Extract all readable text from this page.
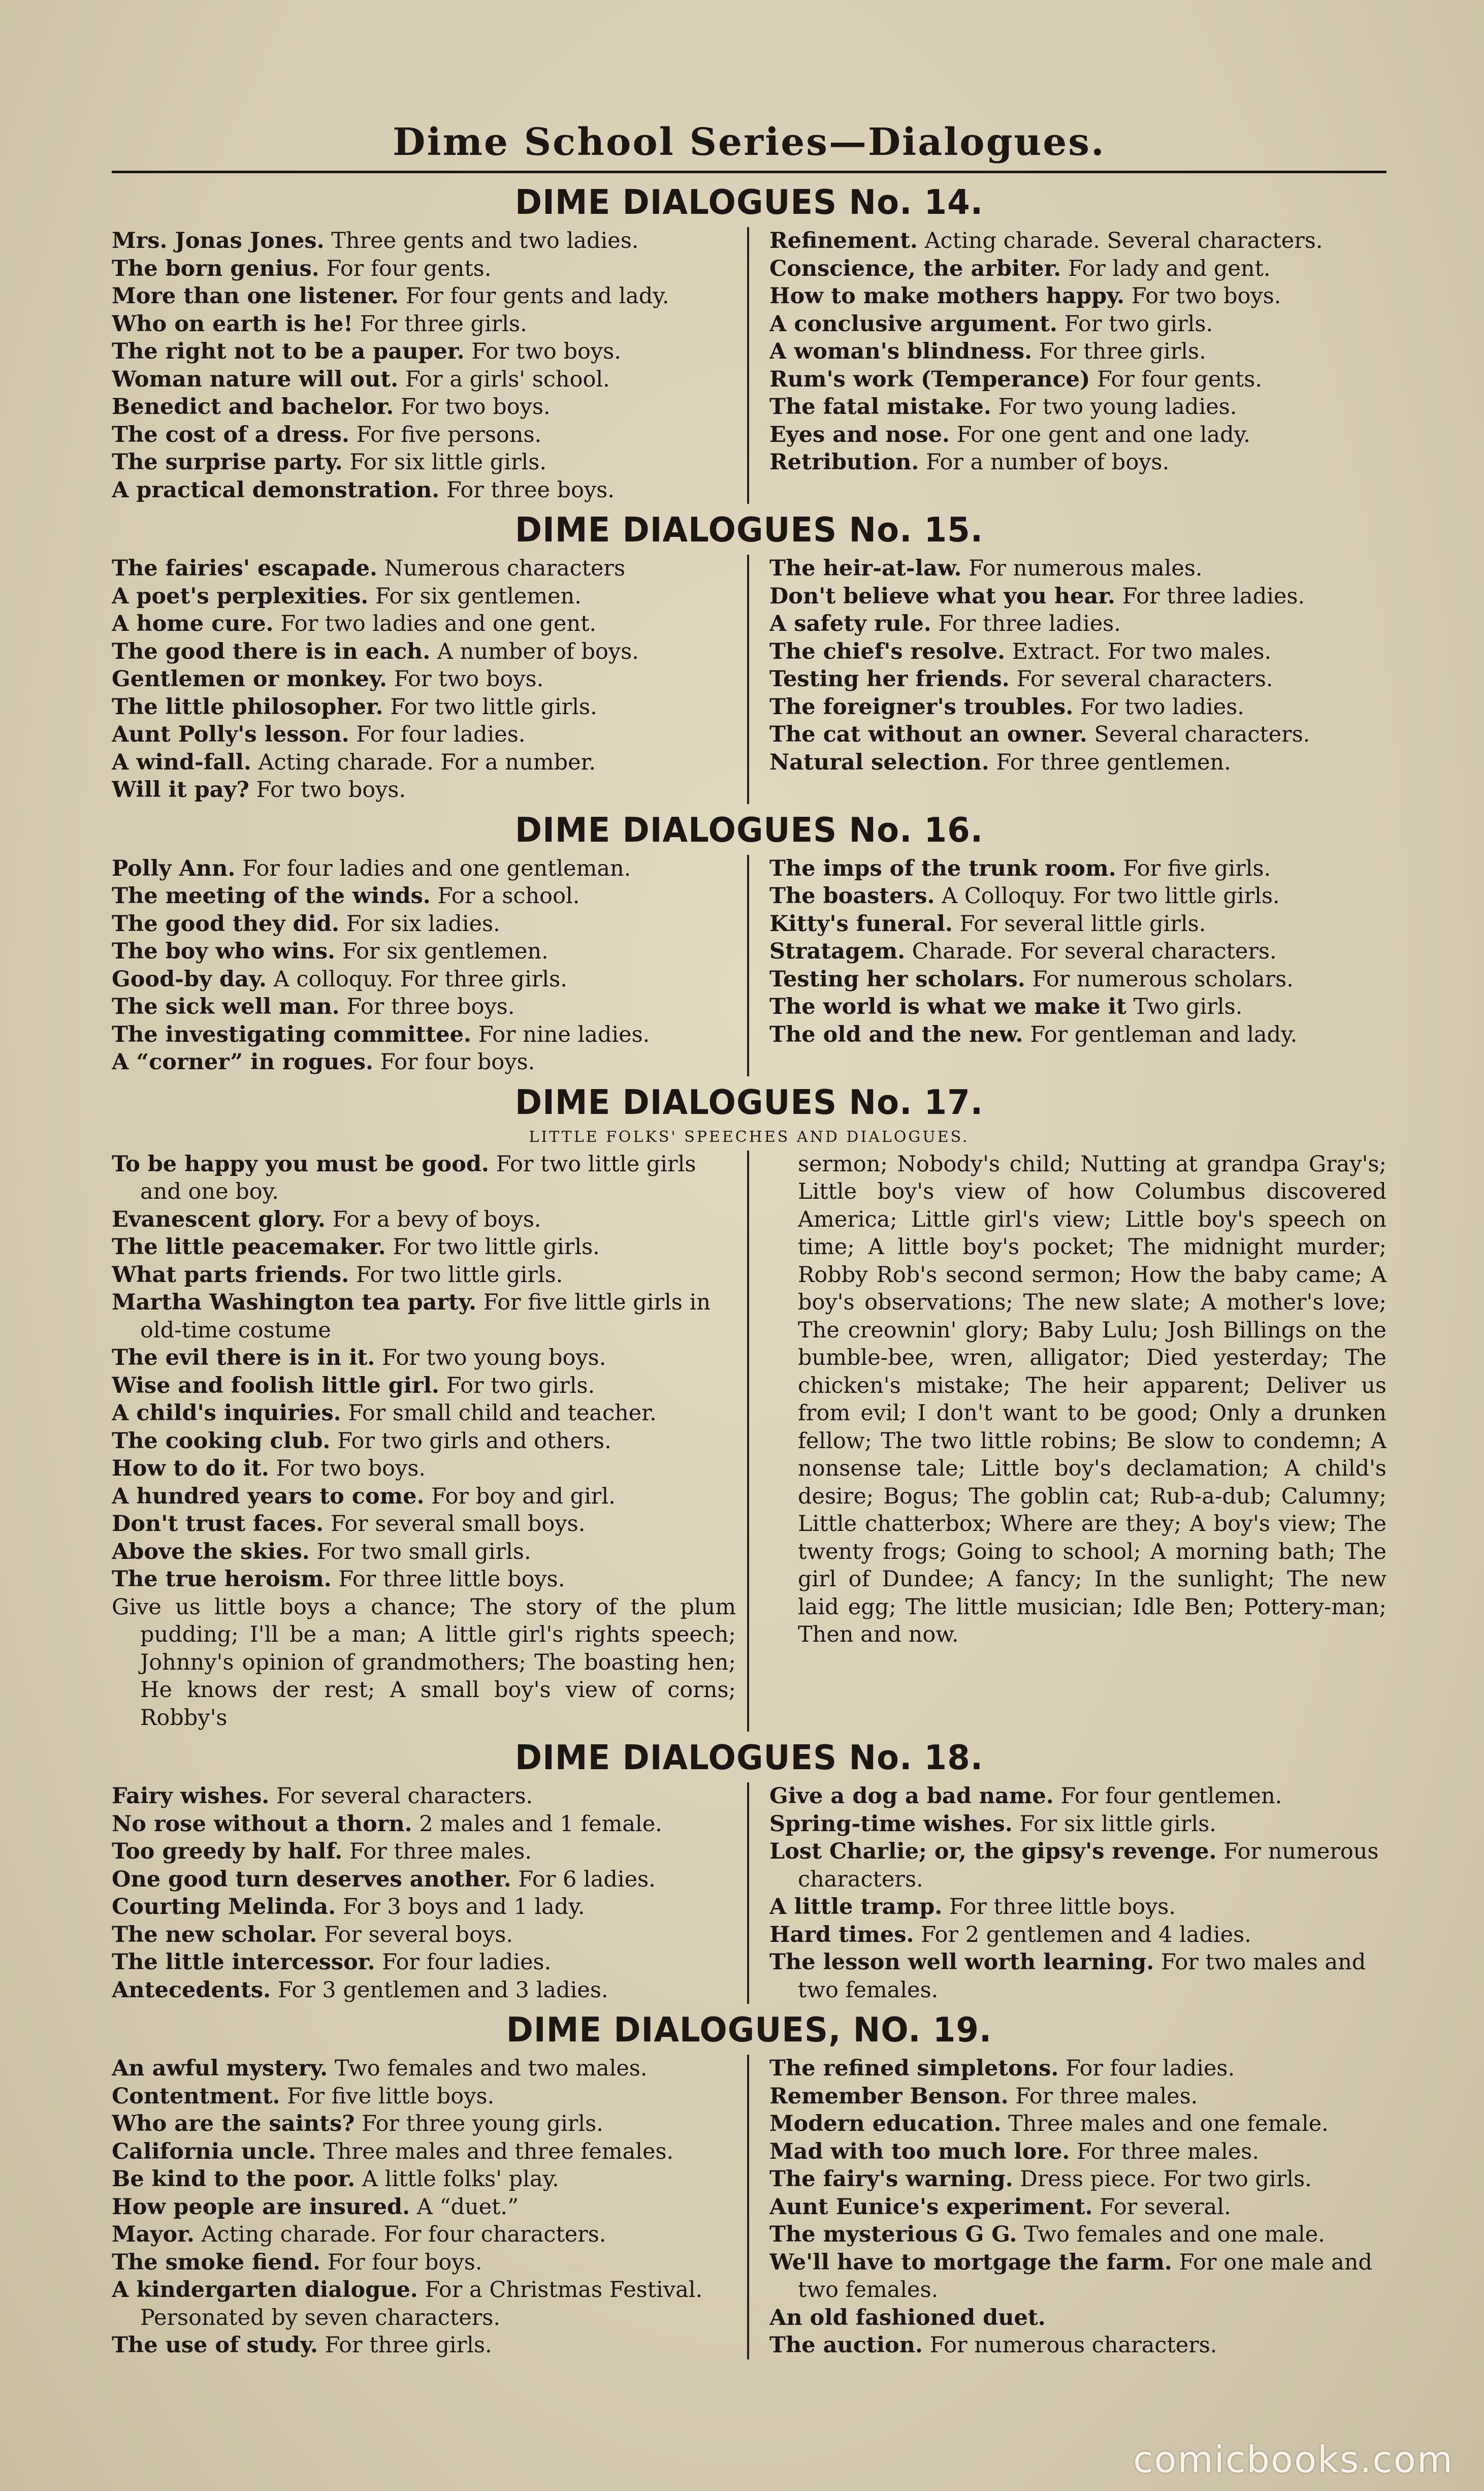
Dime School Series—Dialogues.
DIME DIALOGUES No. 14.
Mrs. Jonas Jones. Three gents and two ladies.
The born genius. For four gents.
More than one listener. For four gents and lady.
Who on earth is he! For three girls.
The right not to be a pauper. For two boys.
Woman nature will out. For a girls' school.
Benedict and bachelor. For two boys.
The cost of a dress. For five persons.
The surprise party. For six little girls.
A practical demonstration. For three boys.
Refinement. Acting charade. Several characters.
Conscience, the arbiter. For lady and gent.
How to make mothers happy. For two boys.
A conclusive argument. For two girls.
A woman's blindness. For three girls.
Rum's work (Temperance) For four gents.
The fatal mistake. For two young ladies.
Eyes and nose. For one gent and one lady.
Retribution. For a number of boys.
DIME DIALOGUES No. 15.
The fairies' escapade. Numerous characters
A poet's perplexities. For six gentlemen.
A home cure. For two ladies and one gent.
The good there is in each. A number of boys.
Gentlemen or monkey. For two boys.
The little philosopher. For two little girls.
Aunt Polly's lesson. For four ladies.
A wind-fall. Acting charade. For a number.
Will it pay? For two boys.
The heir-at-law. For numerous males.
Don't believe what you hear. For three ladies.
A safety rule. For three ladies.
The chief's resolve. Extract. For two males.
Testing her friends. For several characters.
The foreigner's troubles. For two ladies.
The cat without an owner. Several characters.
Natural selection. For three gentlemen.
DIME DIALOGUES No. 16.
Polly Ann. For four ladies and one gentleman.
The meeting of the winds. For a school.
The good they did. For six ladies.
The boy who wins. For six gentlemen.
Good-by day. A colloquy. For three girls.
The sick well man. For three boys.
The investigating committee. For nine ladies.
A “corner” in rogues. For four boys.
The imps of the trunk room. For five girls.
The boasters. A Colloquy. For two little girls.
Kitty's funeral. For several little girls.
Stratagem. Charade. For several characters.
Testing her scholars. For numerous scholars.
The world is what we make it Two girls.
The old and the new. For gentleman and lady.
DIME DIALOGUES No. 17.
LITTLE FOLKS' SPEECHES AND DIALOGUES.
To be happy you must be good. For two little girls and one boy.
Evanescent glory. For a bevy of boys.
The little peacemaker. For two little girls.
What parts friends. For two little girls.
Martha Washington tea party. For five little girls in old-time costume
The evil there is in it. For two young boys.
Wise and foolish little girl. For two girls.
A child's inquiries. For small child and teacher.
The cooking club. For two girls and others.
How to do it. For two boys.
A hundred years to come. For boy and girl.
Don't trust faces. For several small boys.
Above the skies. For two small girls.
The true heroism. For three little boys.
Give us little boys a chance; The story of the plum pudding; I'll be a man; A little girl's rights speech; Johnny's opinion of grandmothers; The boasting hen; He knows der rest; A small boy's view of corns; Robby's
sermon; Nobody's child; Nutting at grandpa Gray's; Little boy's view of how Columbus discovered America; Little girl's view; Little boy's speech on time; A little boy's pocket; The midnight murder; Robby Rob's second sermon; How the baby came; A boy's observations; The new slate; A mother's love; The creownin' glory; Baby Lulu; Josh Billings on the bumble-bee, wren, alligator; Died yesterday; The chicken's mistake; The heir apparent; Deliver us from evil; I don't want to be good; Only a drunken fellow; The two little robins; Be slow to condemn; A nonsense tale; Little boy's declamation; A child's desire; Bogus; The goblin cat; Rub-a-dub; Calumny; Little chatterbox; Where are they; A boy's view; The twenty frogs; Going to school; A morning bath; The girl of Dundee; A fancy; In the sunlight; The new laid egg; The little musician; Idle Ben; Pottery-man; Then and now.
DIME DIALOGUES No. 18.
Fairy wishes. For several characters.
No rose without a thorn. 2 males and 1 female.
Too greedy by half. For three males.
One good turn deserves another. For 6 ladies.
Courting Melinda. For 3 boys and 1 lady.
The new scholar. For several boys.
The little intercessor. For four ladies.
Antecedents. For 3 gentlemen and 3 ladies.
Give a dog a bad name. For four gentlemen.
Spring-time wishes. For six little girls.
Lost Charlie; or, the gipsy's revenge. For numerous characters.
A little tramp. For three little boys.
Hard times. For 2 gentlemen and 4 ladies.
The lesson well worth learning. For two males and two females.
DIME DIALOGUES, NO. 19.
An awful mystery. Two females and two males.
Contentment. For five little boys.
Who are the saints? For three young girls.
California uncle. Three males and three females.
Be kind to the poor. A little folks' play.
How people are insured. A “duet.”
Mayor. Acting charade. For four characters.
The smoke fiend. For four boys.
A kindergarten dialogue. For a Christmas Festival. Personated by seven characters.
The use of study. For three girls.
The refined simpletons. For four ladies.
Remember Benson. For three males.
Modern education. Three males and one female.
Mad with too much lore. For three males.
The fairy's warning. Dress piece. For two girls.
Aunt Eunice's experiment. For several.
The mysterious G G. Two females and one male.
We'll have to mortgage the farm. For one male and two females.
An old fashioned duet.
The auction. For numerous characters.
comicbooks.com
